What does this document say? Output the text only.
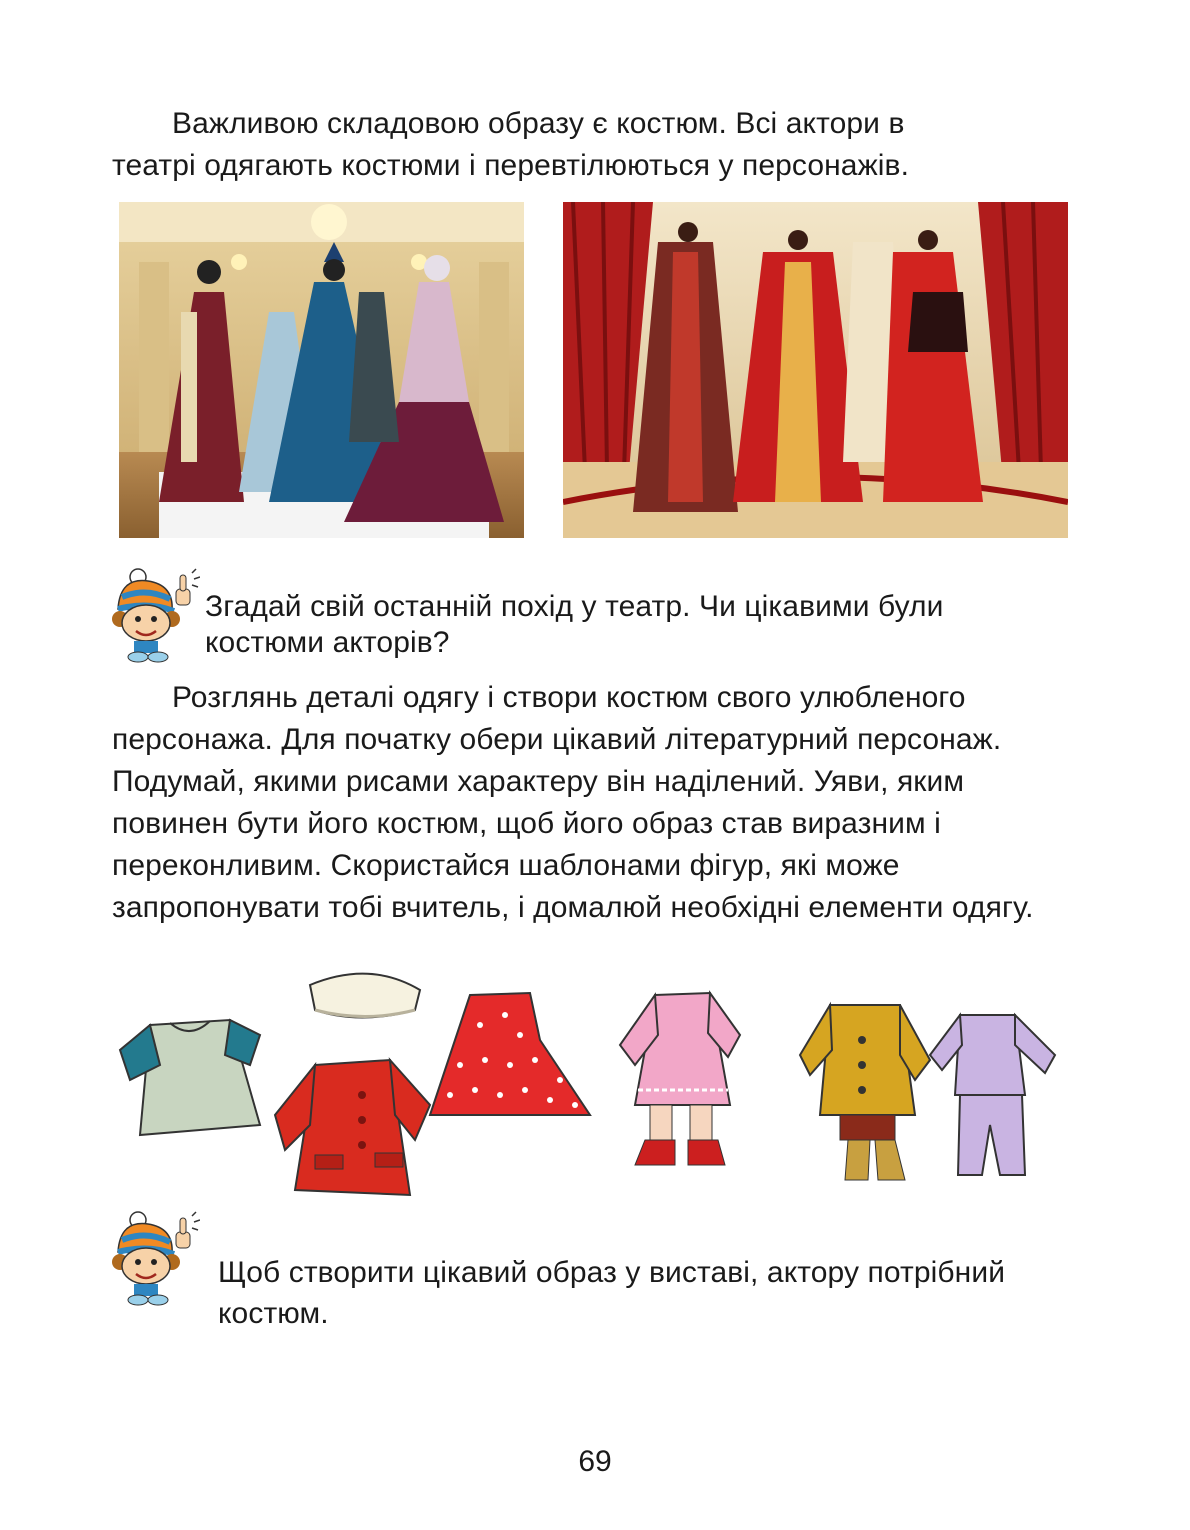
Важливою складовою образу є костюм. Всі актори в
театрі одягають костюми і перевтілюються у персонажів.
Згадай свій останній похід у театр. Чи цікавими були
костюми акторів?
Розглянь деталі одягу і створи костюм свого улюбленого
персонажа. Для початку обери цікавий літературний персонаж.
Подумай, якими рисами характеру він наділений. Уяви, яким
повинен бути його костюм, щоб його образ став виразним і
переконливим. Скористайся шаблонами фігур, які може
запропонувати тобі вчитель, і домалюй необхідні елементи одягу.
Щоб створити цікавий образ у виставі, актору потрібний
костюм.
69
